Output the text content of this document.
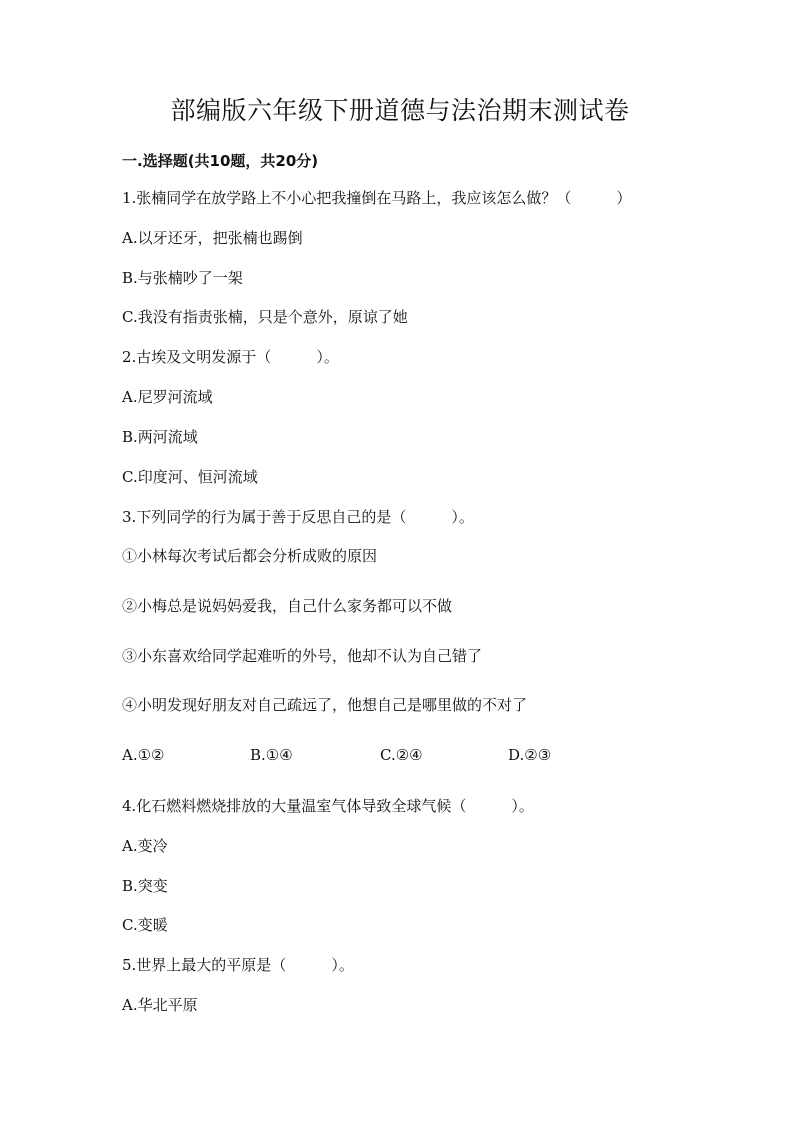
部编版六年级下册道德与法治期末测试卷
一.选择题(共10题，共20分)
1.张楠同学在放学路上不小心把我撞倒在马路上，我应该怎么做？（　　　）
A.以牙还牙，把张楠也踢倒
B.与张楠吵了一架
C.我没有指责张楠，只是个意外，原谅了她
2.古埃及文明发源于（　　　）。
A.尼罗河流域
B.两河流域
C.印度河、恒河流域
3.下列同学的行为属于善于反思自己的是（　　　）。
①小林每次考试后都会分析成败的原因
②小梅总是说妈妈爱我，自己什么家务都可以不做
③小东喜欢给同学起难听的外号，他却不认为自己错了
④小明发现好朋友对自己疏远了，他想自己是哪里做的不对了
A.①②	B.①④	C.②④	D.②③
4.化石燃料燃烧排放的大量温室气体导致全球气候（　　　）。
A.变冷
B.突变
C.变暖
5.世界上最大的平原是（　　　）。
A.华北平原
